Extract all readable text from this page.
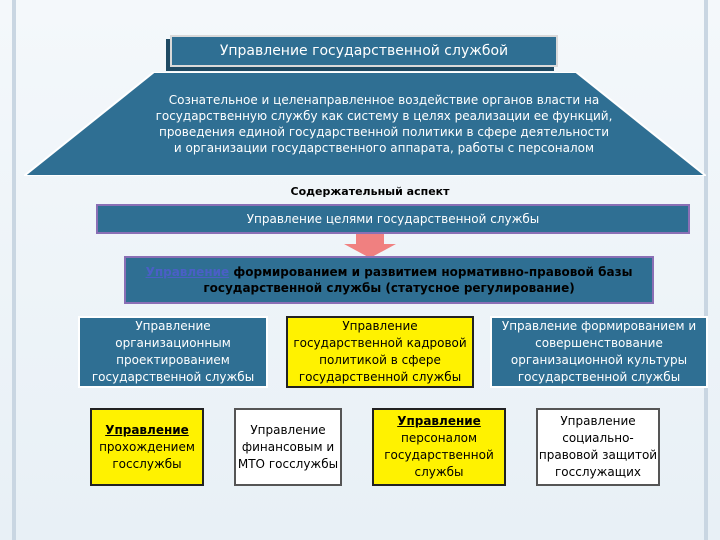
Управление государственной службой
Сознательное и целенаправленное воздействие органов власти на государственную службу как систему в целях реализации ее функций, проведения единой государственной политики в сфере деятельности и организации государственного аппарата, работы с персоналом
Содержательный аспект
Управление целями государственной службы
Управление формированием и развитием нормативно-правовой базы государственной службы (статусное регулирование)
Управление организационным проектированием государственной службы
Управление государственной кадровой политикой в сфере государственной службы
Управление формированием и совершенствование организационной культуры государственной службы
Управление
прохождением госслужбы
Управление финансовым и МТО госслужбы
Управление
персоналом государственной службы
Управление социально-правовой защитой госслужащих
